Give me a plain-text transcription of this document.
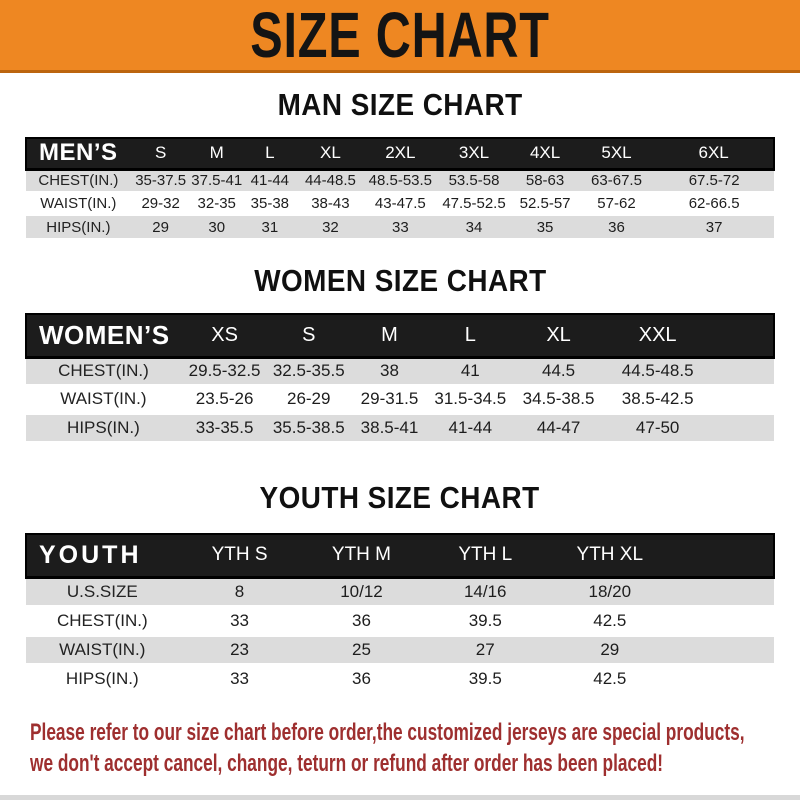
SIZE CHART
MAN SIZE CHART
MEN’S	S	M	L	XL	2XL	3XL	4XL	5XL	6XL
CHEST(IN.)	35-37.5	37.5-41	41-44	44-48.5	48.5-53.5	53.5-58	58-63	63-67.5	67.5-72
WAIST(IN.)	29-32	32-35	35-38	38-43	43-47.5	47.5-52.5	52.5-57	57-62	62-66.5
HIPS(IN.)	29	30	31	32	33	34	35	36	37
WOMEN SIZE CHART
WOMEN’S	XS	S	M	L	XL	XXL	
CHEST(IN.)	29.5-32.5	32.5-35.5	38	41	44.5	44.5-48.5	
WAIST(IN.)	23.5-26	26-29	29-31.5	31.5-34.5	34.5-38.5	38.5-42.5	
HIPS(IN.)	33-35.5	35.5-38.5	38.5-41	41-44	44-47	47-50	
YOUTH SIZE CHART
YOUTH	YTH S	YTH M	YTH L	YTH XL	
U.S.SIZE	8	10/12	14/16	18/20	
CHEST(IN.)	33	36	39.5	42.5	
WAIST(IN.)	23	25	27	29	
HIPS(IN.)	33	36	39.5	42.5	

Please refer to our size chart before order,the customized jerseys are special products,

we don't accept cancel, change, teturn or refund after order has been placed!
